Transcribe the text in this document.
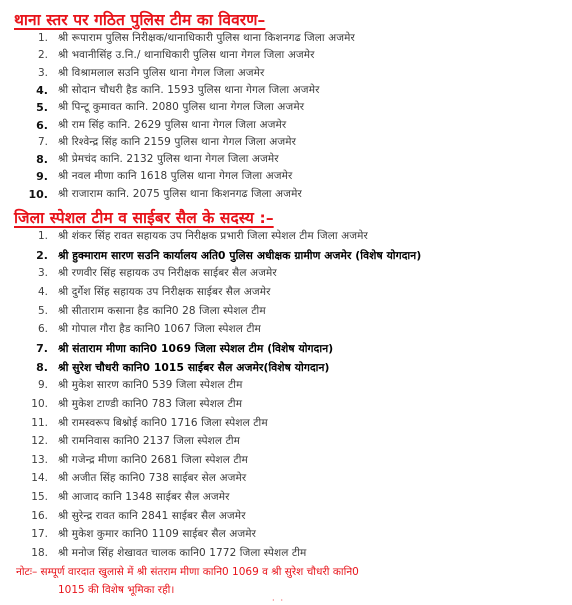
थाना स्तर पर गठित पुलिस टीम का विवरण–
1. श्री रूपाराम पुलिस निरीक्षक/थानाधिकारी पुलिस थाना किशनगढ जिला अजमेर
2. श्री भवानीसिंह उ.नि./ थानाधिकारी पुलिस थाना गेगल जिला अजमेर
3. श्री विश्रामलाल सउनि पुलिस थाना गेगल जिला अजमेर
4. श्री सोदान चौधरी हैड कानि. 1593 पुलिस थाना गेगल जिला अजमेर
5. श्री पिन्टू कुमावत कानि. 2080 पुलिस थाना गेगल जिला अजमेर
6. श्री राम सिंह कानि. 2629 पुलिस थाना गेगल जिला अजमेर
7. श्री रिश्वेन्द्र सिंह कानि 2159 पुलिस थाना गेगल जिला अजमेर
8. श्री प्रेमचंद कानि. 2132 पुलिस थाना गेगल जिला अजमेर
9. श्री नवल मीणा कानि 1618 पुलिस थाना गेगल जिला अजमेर
10. श्री राजाराम कानि. 2075 पुलिस थाना किशनगढ जिला अजमेर
जिला स्पेशल टीम व साईबर सैल के सदस्य :–
1. श्री शंकर सिंह रावत सहायक उप निरीक्षक प्रभारी जिला स्पेशल टीम जिला अजमेर
2. श्री हुक्माराम सारण सउनि कार्यालय अति0 पुलिस अधीक्षक ग्रामीण अजमेर (विशेष योगदान)
3. श्री रणवीर सिंह सहायक उप निरीक्षक साईबर सैल अजमेर
4. श्री दुर्गेश सिंह सहायक उप निरीक्षक साईबर सैल अजमेर
5. श्री सीताराम कसाना हैड कानि0 28 जिला स्पेशल टीम
6. श्री गोपाल गौरा हैड कानि0 1067 जिला स्पेशल टीम
7. श्री संताराम मीणा कानि0 1069 जिला स्पेशल टीम (विशेष योगदान)
8. श्री सुरेश चौधरी कानि0 1015 साईबर सैल अजमेर(विशेष योगदान)
9. श्री मुकेश सारण कानि0 539 जिला स्पेशल टीम
10. श्री मुकेश टाण्डी कानि0 783 जिला स्पेशल टीम
11. श्री रामस्वरूप बिश्नोई कानि0 1716 जिला स्पेशल टीम
12. श्री रामनिवास कानि0 2137 जिला स्पेशल टीम
13. श्री गजेन्द्र मीणा कानि0 2681 जिला स्पेशल टीम
14. श्री अजीत सिंह कानि0 738 साईबर सेल अजमेर
15. श्री आजाद कानि 1348 साईबर सैल अजमेर
16. श्री सुरेन्द्र रावत कानि 2841 साईबर सैल अजमेर
17. श्री मुकेश कुमार कानि0 1109 साईबर सैल अजमेर
18. श्री मनोज सिंह शेखावत चालक कानि0 1772 जिला स्पेशल टीम
नोटः– सम्पूर्ण वारदात खुलासे में श्री संतराम मीणा कानि0 1069 व श्री सुरेश चौधरी कानि0
1015 की विशेष भूमिका रही।
··
